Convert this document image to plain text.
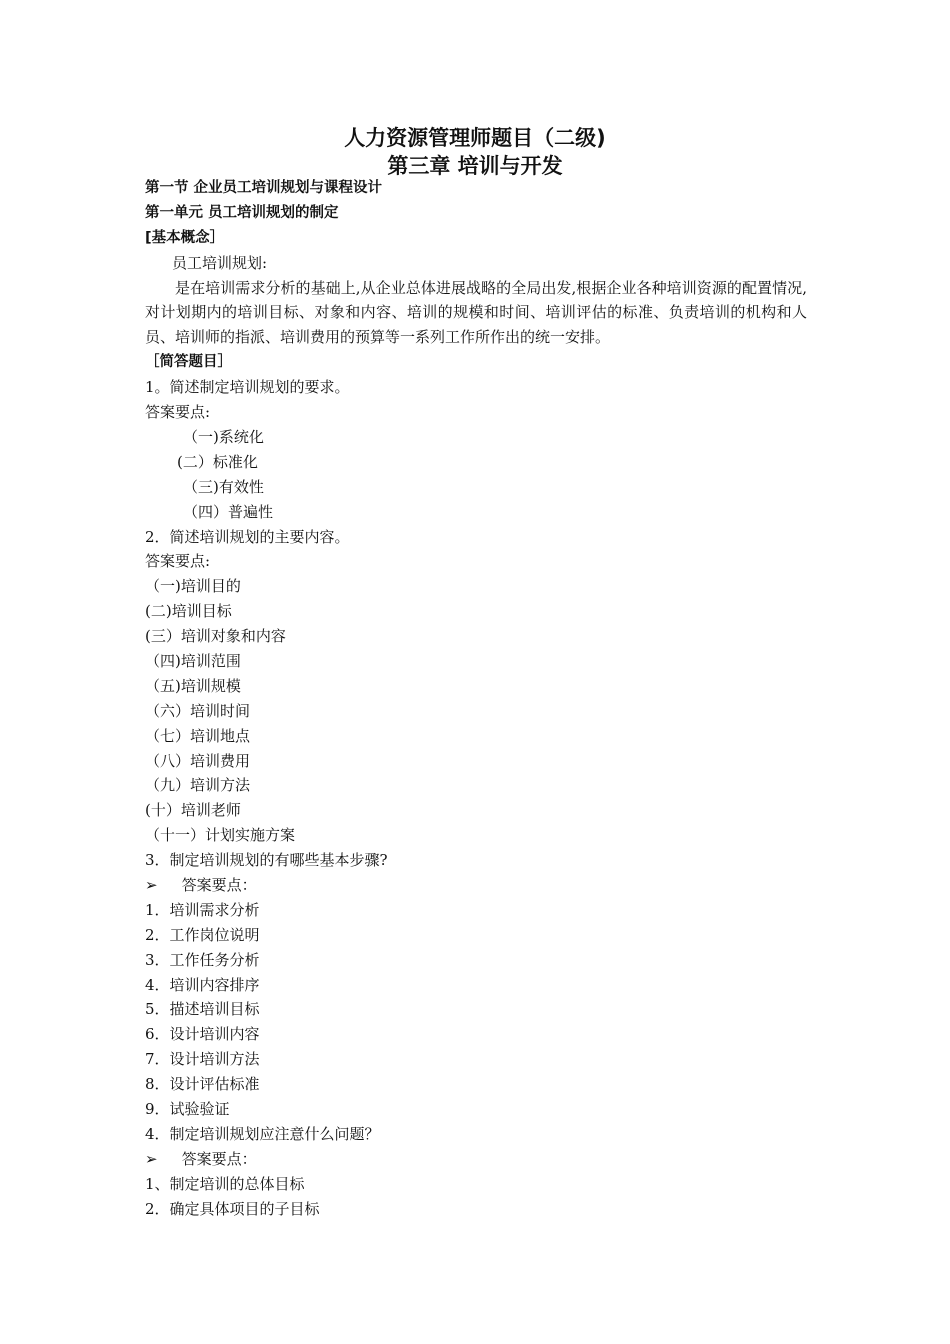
人力资源管理师题目（二级)
第三章 培训与开发
第一节 企业员工培训规划与课程设计
第一单元 员工培训规划的制定
[基本概念］
员工培训规划:
是在培训需求分析的基础上,从企业总体进展战略的全局出发,根据企业各种培训资源的配置情况,对计划期内的培训目标、对象和内容、培训的规模和时间、培训评估的标准、负责培训的机构和人员、培训师的指派、培训费用的预算等一系列工作所作出的统一安排。
［简答题目］
1。简述制定培训规划的要求。
答案要点:
（一)系统化
(二）标准化
（三)有效性
（四）普遍性
2．简述培训规划的主要内容。
答案要点:
（一)培训目的
(二)培训目标
(三）培训对象和内容
（四)培训范围
（五)培训规模
（六）培训时间
（七）培训地点
（八）培训费用
（九）培训方法
(十）培训老师
（十一）计划实施方案
3．制定培训规划的有哪些基本步骤?
➢ 答案要点：
1．培训需求分析
2．工作岗位说明
3．工作任务分析
4．培训内容排序
5．描述培训目标
6．设计培训内容
7．设计培训方法
8．设计评估标准
9．试验验证
4．制定培训规划应注意什么问题？
➢ 答案要点：
1、制定培训的总体目标
2．确定具体项目的子目标
